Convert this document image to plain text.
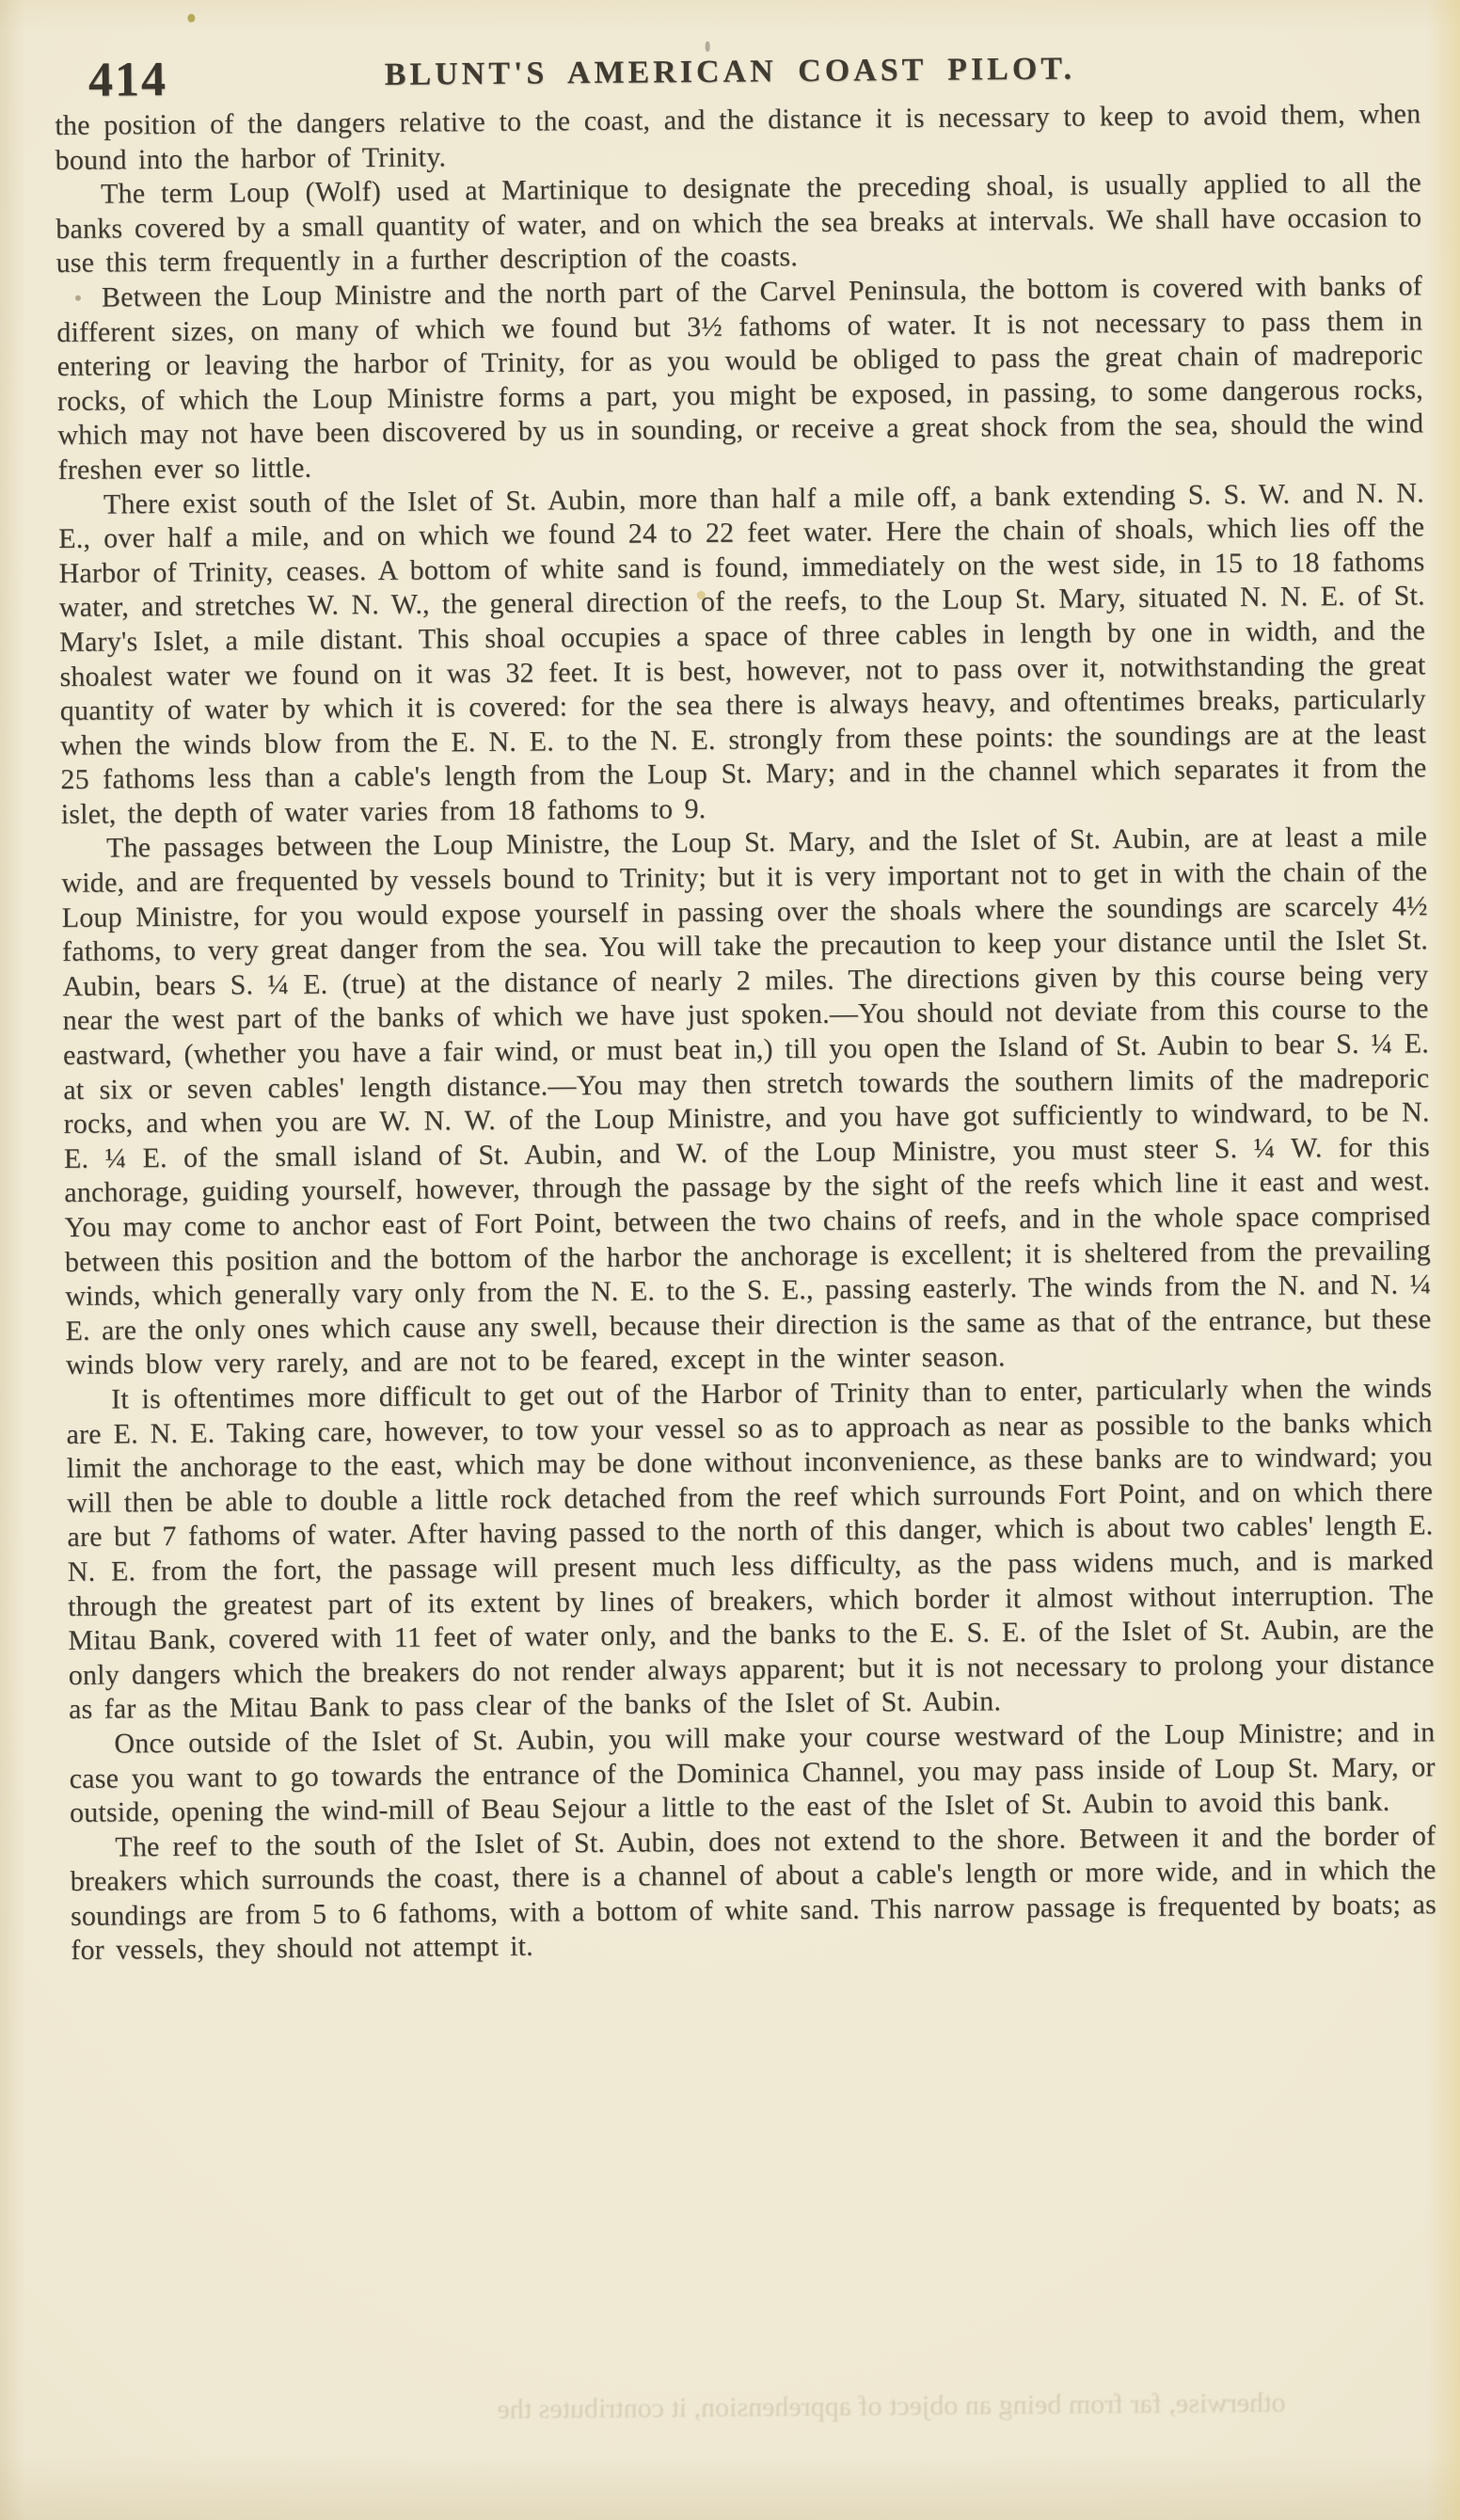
414	BLUNT'S AMERICAN COAST PILOT.

the position of the dangers relative to the coast, and the distance it is necessary to keep to avoid them, when bound into the harbor of Trinity.

The term Loup (Wolf) used at Martinique to designate the preceding shoal, is usually applied to all the banks covered by a small quantity of water, and on which the sea breaks at intervals. We shall have occasion to use this term frequently in a further description of the coasts.

Between the Loup Ministre and the north part of the Carvel Peninsula, the bottom is covered with banks of different sizes, on many of which we found but 3½ fathoms of water. It is not necessary to pass them in entering or leaving the harbor of Trinity, for as you would be obliged to pass the great chain of madreporic rocks, of which the Loup Ministre forms a part, you might be exposed, in passing, to some dangerous rocks, which may not have been discovered by us in sounding, or receive a great shock from the sea, should the wind freshen ever so little.

There exist south of the Islet of St. Aubin, more than half a mile off, a bank extending S. S. W. and N. N. E., over half a mile, and on which we found 24 to 22 feet water. Here the chain of shoals, which lies off the Harbor of Trinity, ceases. A bottom of white sand is found, immediately on the west side, in 15 to 18 fathoms water, and stretches W. N. W., the general direction of the reefs, to the Loup St. Mary, situated N. N. E. of St. Mary's Islet, a mile distant. This shoal occupies a space of three cables in length by one in width, and the shoalest water we found on it was 32 feet. It is best, however, not to pass over it, notwithstanding the great quantity of water by which it is covered: for the sea there is always heavy, and oftentimes breaks, particularly when the winds blow from the E. N. E. to the N. E. strongly from these points: the soundings are at the least 25 fathoms less than a cable's length from the Loup St. Mary; and in the channel which separates it from the islet, the depth of water varies from 18 fathoms to 9.

The passages between the Loup Ministre, the Loup St. Mary, and the Islet of St. Aubin, are at least a mile wide, and are frequented by vessels bound to Trinity; but it is very important not to get in with the chain of the Loup Ministre, for you would expose yourself in passing over the shoals where the soundings are scarcely 4½ fathoms, to very great danger from the sea. You will take the precaution to keep your distance until the Islet St. Aubin, bears S. ¼ E. (true) at the distance of nearly 2 miles. The directions given by this course being very near the west part of the banks of which we have just spoken.—You should not deviate from this course to the eastward, (whether you have a fair wind, or must beat in,) till you open the Island of St. Aubin to bear S. ¼ E. at six or seven cables' length distance.—You may then stretch towards the southern limits of the madreporic rocks, and when you are W. N. W. of the Loup Ministre, and you have got sufficiently to windward, to be N. E. ¼ E. of the small island of St. Aubin, and W. of the Loup Ministre, you must steer S. ¼ W. for this anchorage, guiding yourself, however, through the passage by the sight of the reefs which line it east and west. You may come to anchor east of Fort Point, between the two chains of reefs, and in the whole space comprised between this position and the bottom of the harbor the anchorage is excellent; it is sheltered from the prevailing winds, which generally vary only from the N. E. to the S. E., passing easterly. The winds from the N. and N. ¼ E. are the only ones which cause any swell, because their direction is the same as that of the entrance, but these winds blow very rarely, and are not to be feared, except in the winter season.

It is oftentimes more difficult to get out of the Harbor of Trinity than to enter, particularly when the winds are E. N. E. Taking care, however, to tow your vessel so as to approach as near as possible to the banks which limit the anchorage to the east, which may be done without inconvenience, as these banks are to windward; you will then be able to double a little rock detached from the reef which surrounds Fort Point, and on which there are but 7 fathoms of water. After having passed to the north of this danger, which is about two cables' length E. N. E. from the fort, the passage will present much less difficulty, as the pass widens much, and is marked through the greatest part of its extent by lines of breakers, which border it almost without interruption. The Mitau Bank, covered with 11 feet of water only, and the banks to the E. S. E. of the Islet of St. Aubin, are the only dangers which the breakers do not render always apparent; but it is not necessary to prolong your distance as far as the Mitau Bank to pass clear of the banks of the Islet of St. Aubin.

Once outside of the Islet of St. Aubin, you will make your course westward of the Loup Ministre; and in case you want to go towards the entrance of the Dominica Channel, you may pass inside of Loup St. Mary, or outside, opening the wind-mill of Beau Sejour a little to the east of the Islet of St. Aubin to avoid this bank.

The reef to the south of the Islet of St. Aubin, does not extend to the shore. Between it and the border of breakers which surrounds the coast, there is a channel of about a cable's length or more wide, and in which the soundings are from 5 to 6 fathoms, with a bottom of white sand. This narrow passage is frequented by boats; as for vessels, they should not attempt it.

otherwise, far from being an object of apprehension, it contributes the
